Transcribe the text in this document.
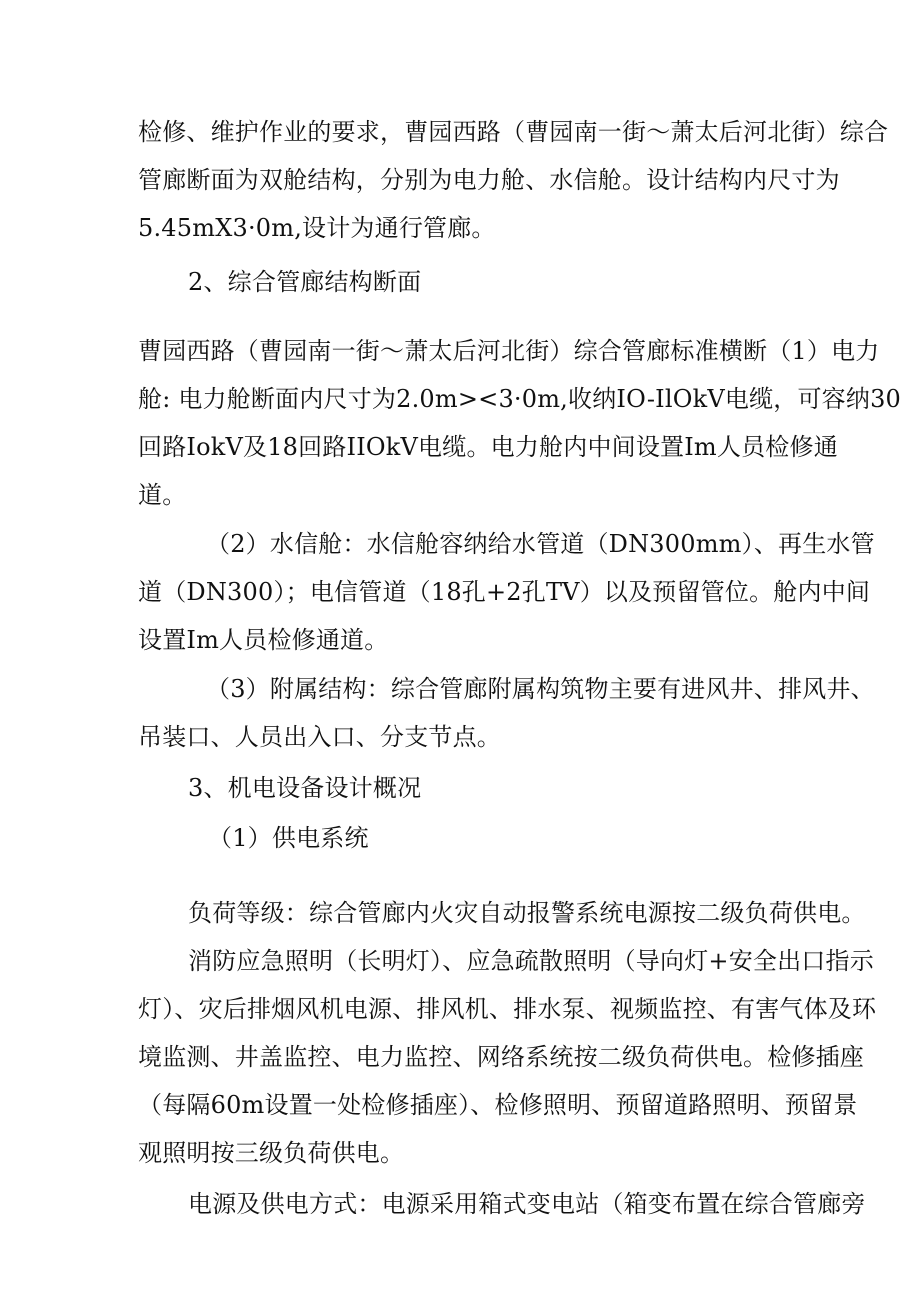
检修、维护作业的要求，曹园西路（曹园南一街～萧太后河北街）综合
管廊断面为双舱结构，分别为电力舱、水信舱。设计结构内尺寸为
5.45mX3·0m,设计为通行管廊。
2、综合管廊结构断面
曹园西路（曹园南一街～萧太后河北街）综合管廊标准横断（1）电力
舱: 电力舱断面内尺寸为2.0m><3·0m,收纳IO-IlOkV电缆，可容纳30
回路IokV及18回路IIOkV电缆。电力舱内中间设置Im人员检修通
道。
（2）水信舱：水信舱容纳给水管道（DN300mm）、再生水管
道（DN300）；电信管道（18孔+2孔TV）以及预留管位。舱内中间
设置Im人员检修通道。
（3）附属结构：综合管廊附属构筑物主要有进风井、排风井、
吊装口、人员出入口、分支节点。
3、机电设备设计概况
（1）供电系统
负荷等级：综合管廊内火灾自动报警系统电源按二级负荷供电。
消防应急照明（长明灯）、应急疏散照明（导向灯+安全出口指示
灯）、灾后排烟风机电源、排风机、排水泵、视频监控、有害气体及环
境监测、井盖监控、电力监控、网络系统按二级负荷供电。检修插座
（每隔60m设置一处检修插座）、检修照明、预留道路照明、预留景
观照明按三级负荷供电。
电源及供电方式：电源采用箱式变电站（箱变布置在综合管廊旁
